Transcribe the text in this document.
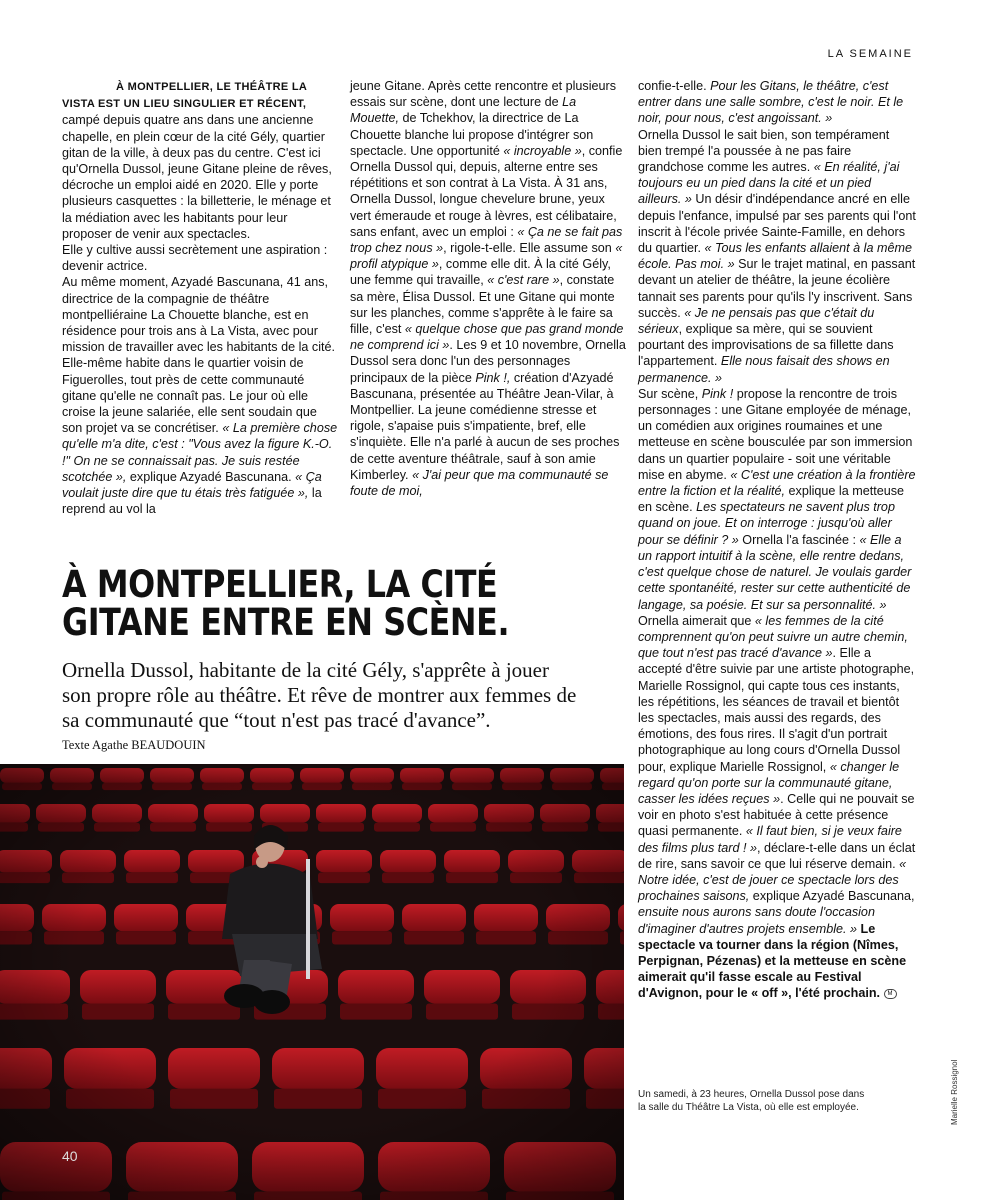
LA SEMAINE

À MONTPELLIER, LE THÉÂTRE LA VISTA EST UN LIEU SINGULIER ET RÉCENT, campé depuis quatre ans dans une ancienne chapelle, en plein cœur de la cité Gély, quartier gitan de la ville, à deux pas du centre. C'est ici qu'Ornella Dussol, jeune Gitane pleine de rêves, décroche un emploi aidé en 2020. Elle y porte plusieurs casquettes : la billetterie, le ménage et la médiation avec les habitants pour leur proposer de venir aux spectacles.

Elle y cultive aussi secrètement une aspiration : devenir actrice.

Au même moment, Azyadé Bascunana, 41 ans, directrice de la compagnie de théâtre montpelliéraine La Chouette blanche, est en résidence pour trois ans à La Vista, avec pour mission de travailler avec les habitants de la cité. Elle-même habite dans le quartier voisin de Figuerolles, tout près de cette communauté gitane qu'elle ne connaît pas. Le jour où elle croise la jeune salariée, elle sent soudain que son projet va se concrétiser. « La première chose qu'elle m'a dite, c'est : "Vous avez la figure K.-O. !" On ne se connaissait pas. Je suis restée scotchée », explique Azyadé Bascunana. « Ça voulait juste dire que tu étais très fatiguée », la reprend au vol la

jeune Gitane. Après cette rencontre et plusieurs essais sur scène, dont une lecture de La Mouette, de Tchekhov, la directrice de La Chouette blanche lui propose d'intégrer son spectacle. Une opportunité « incroyable », confie Ornella Dussol qui, depuis, alterne entre ses répétitions et son contrat à La Vista. À 31 ans, Ornella Dussol, longue chevelure brune, yeux vert émeraude et rouge à lèvres, est célibataire, sans enfant, avec un emploi : « Ça ne se fait pas trop chez nous », rigole-t-elle. Elle assume son « profil atypique », comme elle dit. À la cité Gély, une femme qui travaille, « c'est rare », constate sa mère, Élisa Dussol. Et une Gitane qui monte sur les planches, comme s'apprête à le faire sa fille, c'est « quelque chose que pas grand monde ne comprend ici ». Les 9 et 10 novembre, Ornella Dussol sera donc l'un des personnages principaux de la pièce Pink !, création d'Azyadé Bascunana, présentée au Théâtre Jean-Vilar, à Montpellier. La jeune comédienne stresse et rigole, s'apaise puis s'impatiente, bref, elle s'inquiète. Elle n'a parlé à aucun de ses proches de cette aventure théâtrale, sauf à son amie Kimberley. « J'ai peur que ma communauté se foute de moi,

confie-t-elle. Pour les Gitans, le théâtre, c'est entrer dans une salle sombre, c'est le noir. Et le noir, pour nous, c'est angoissant. »

Ornella Dussol le sait bien, son tempérament bien trempé l'a poussée à ne pas faire grandchose comme les autres. « En réalité, j'ai toujours eu un pied dans la cité et un pied ailleurs. » Un désir d'indépendance ancré en elle depuis l'enfance, impulsé par ses parents qui l'ont inscrit à l'école privée Sainte-Famille, en dehors du quartier. « Tous les enfants allaient à la même école. Pas moi. » Sur le trajet matinal, en passant devant un atelier de théâtre, la jeune écolière tannait ses parents pour qu'ils l'y inscrivent. Sans succès. « Je ne pensais pas que c'était du sérieux, explique sa mère, qui se souvient pourtant des improvisations de sa fillette dans l'appartement. Elle nous faisait des shows en permanence. »

Sur scène, Pink ! propose la rencontre de trois personnages : une Gitane employée de ménage, un comédien aux origines roumaines et une metteuse en scène bousculée par son immersion dans un quartier populaire - soit une véritable mise en abyme. « C'est une création à la frontière entre la fiction et la réalité, explique la metteuse en scène. Les spectateurs ne savent plus trop quand on joue. Et on interroge : jusqu'où aller pour se définir ? » Ornella l'a fascinée : « Elle a un rapport intuitif à la scène, elle rentre dedans, c'est quelque chose de naturel. Je voulais garder cette spontanéité, rester sur cette authenticité de langage, sa poésie. Et sur sa personnalité. »

Ornella aimerait que « les femmes de la cité comprennent qu'on peut suivre un autre chemin, que tout n'est pas tracé d'avance ». Elle a accepté d'être suivie par une artiste photographe, Marielle Rossignol, qui capte tous ces instants, les répétitions, les séances de travail et bientôt les spectacles, mais aussi des regards, des émotions, des fous rires. Il s'agit d'un portrait photographique au long cours d'Ornella Dussol pour, explique Marielle Rossignol, « changer le regard qu'on porte sur la communauté gitane, casser les idées reçues ». Celle qui ne pouvait se voir en photo s'est habituée à cette présence quasi permanente. « Il faut bien, si je veux faire des films plus tard ! », déclare-t-elle dans un éclat de rire, sans savoir ce que lui réserve demain. « Notre idée, c'est de jouer ce spectacle lors des prochaines saisons, explique Azyadé Bascunana, ensuite nous aurons sans doute l'occasion d'imaginer d'autres projets ensemble. » Le spectacle va tourner dans la région (Nîmes, Perpignan, Pézenas) et la metteuse en scène aimerait qu'il fasse escale au Festival d'Avignon, pour le « off », l'été prochain. M

À MONTPELLIER, LA CITÉ
GITANE ENTRE EN SCÈNE.
Ornella Dussol, habitante de la cité Gély, s'apprête à jouer son propre rôle au théâtre. Et rêve de montrer aux femmes de sa communauté que “tout n'est pas tracé d'avance”.
Texte Agathe BEAUDOUIN
40
Un samedi, à 23 heures, Ornella Dussol pose dans la salle du Théâtre La Vista, où elle est employée.	Marielle Rossignol
